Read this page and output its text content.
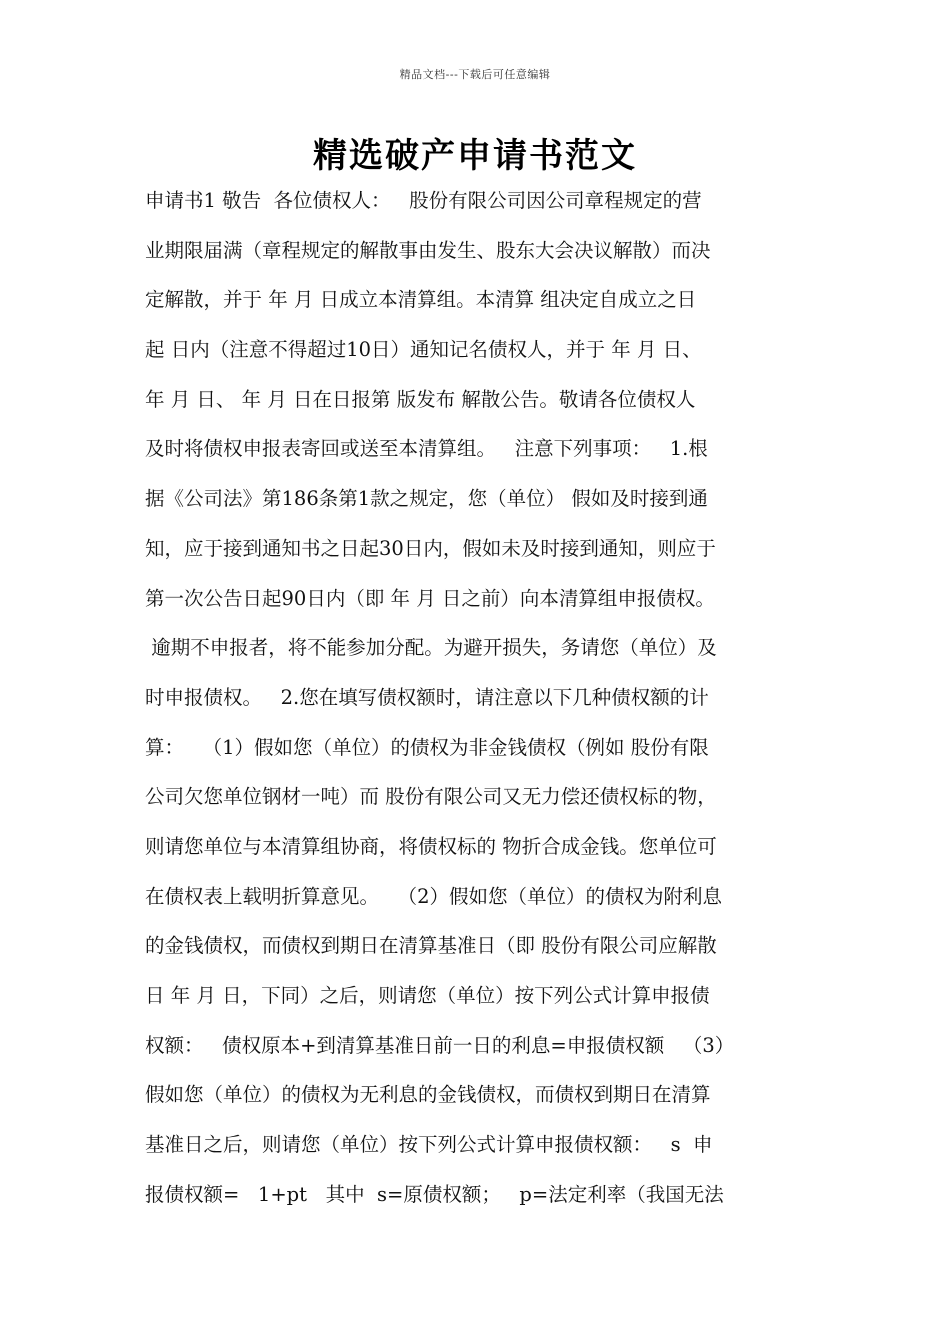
精品文档---下载后可任意编辑
精选破产申请书范文
申请书1 敬告  各位债权人：   股份有限公司因公司章程规定的营
业期限届满（章程规定的解散事由发生、股东大会决议解散）而决
定解散，并于 年 月 日成立本清算组。本清算 组决定自成立之日
起 日内（注意不得超过10日）通知记名债权人，并于 年 月 日、
年 月 日、 年 月 日在日报第 版发布 解散公告。敬请各位债权人
及时将债权申报表寄回或送至本清算组。   注意下列事项：   1.根
据《公司法》第186条第1款之规定，您（单位） 假如及时接到通
知，应于接到通知书之日起30日内，假如未及时接到通知，则应于
第一次公告日起90日内（即 年 月 日之前）向本清算组申报债权。
逾期不申报者，将不能参加分配。为避开损失，务请您（单位）及
时申报债权。   2.您在填写债权额时，请注意以下几种债权额的计
算：   （1）假如您（单位）的债权为非金钱债权（例如 股份有限
公司欠您单位钢材一吨）而 股份有限公司又无力偿还债权标的物，
则请您单位与本清算组协商，将债权标的 物折合成金钱。您单位可
在债权表上载明折算意见。   （2）假如您（单位）的债权为附利息
的金钱债权，而债权到期日在清算基准日（即 股份有限公司应解散
日 年 月 日，下同）之后，则请您（单位）按下列公式计算申报债
权额：   债权原本+到清算基准日前一日的利息=申报债权额   （3）
假如您（单位）的债权为无利息的金钱债权，而债权到期日在清算
基准日之后，则请您（单位）按下列公式计算申报债权额：   s  申
报债权额=   1+pt   其中  s=原债权额；   p=法定利率（我国无法
